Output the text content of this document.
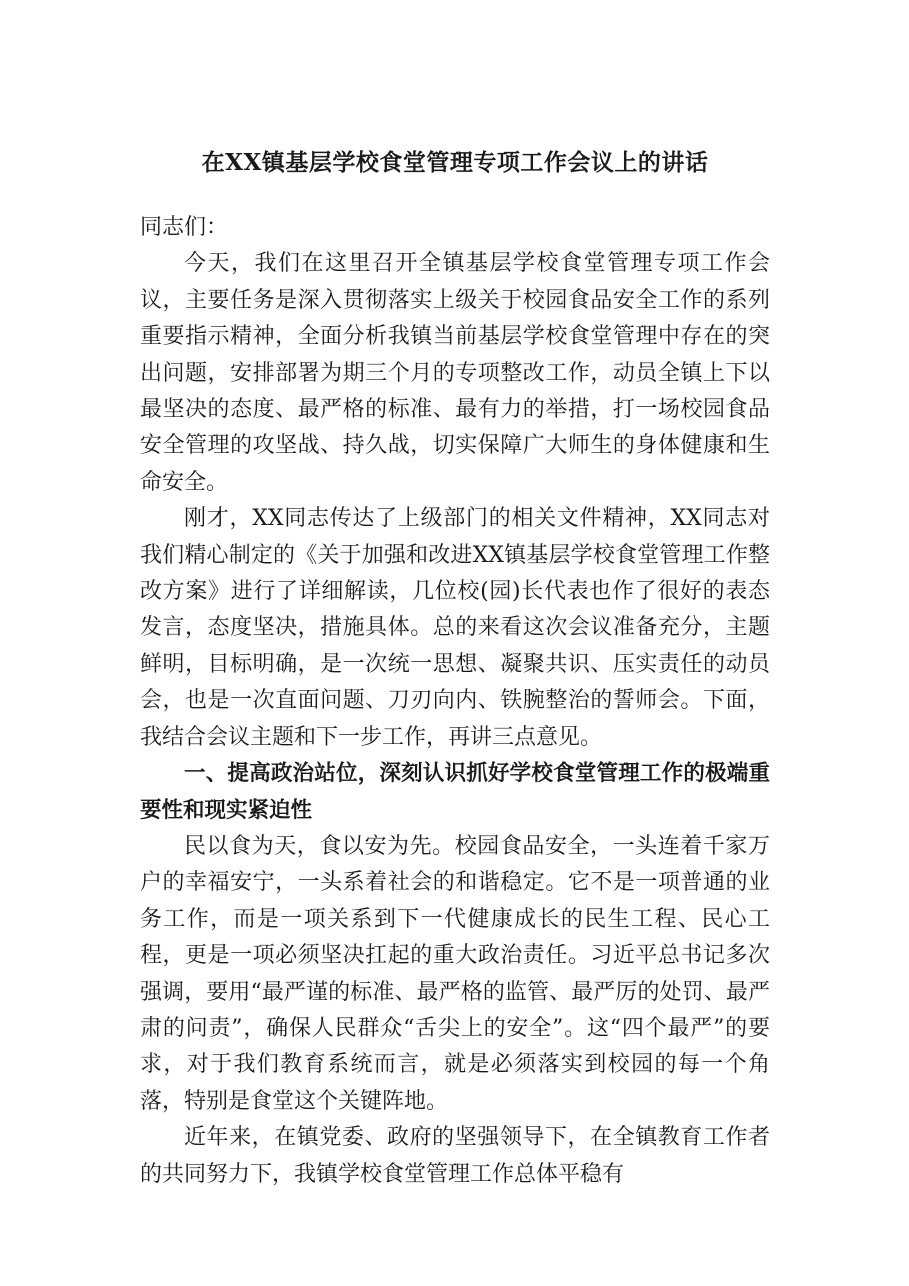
在XX镇基层学校食堂管理专项工作会议上的讲话

同志们：

今天，我们在这里召开全镇基层学校食堂管理专项工作会议，主要任务是深入贯彻落实上级关于校园食品安全工作的系列重要指示精神，全面分析我镇当前基层学校食堂管理中存在的突出问题，安排部署为期三个月的专项整改工作，动员全镇上下以最坚决的态度、最严格的标准、最有力的举措，打一场校园食品安全管理的攻坚战、持久战，切实保障广大师生的身体健康和生命安全。

刚才，XX同志传达了上级部门的相关文件精神，XX同志对我们精心制定的《关于加强和改进XX镇基层学校食堂管理工作整改方案》进行了详细解读，几位校(园)长代表也作了很好的表态发言，态度坚决，措施具体。总的来看这次会议准备充分，主题鲜明，目标明确，是一次统一思想、凝聚共识、压实责任的动员会，也是一次直面问题、刀刃向内、铁腕整治的誓师会。下面，我结合会议主题和下一步工作，再讲三点意见。

一、提高政治站位，深刻认识抓好学校食堂管理工作的极端重要性和现实紧迫性

民以食为天，食以安为先。校园食品安全，一头连着千家万户的幸福安宁，一头系着社会的和谐稳定。它不是一项普通的业务工作，而是一项关系到下一代健康成长的民生工程、民心工程，更是一项必须坚决扛起的重大政治责任。习近平总书记多次强调，要用“最严谨的标准、最严格的监管、最严厉的处罚、最严肃的问责”，确保人民群众“舌尖上的安全”。这“四个最严”的要求，对于我们教育系统而言，就是必须落实到校园的每一个角落，特别是食堂这个关键阵地。

近年来，在镇党委、政府的坚强领导下，在全镇教育工作者的共同努力下，我镇学校食堂管理工作总体平稳有
